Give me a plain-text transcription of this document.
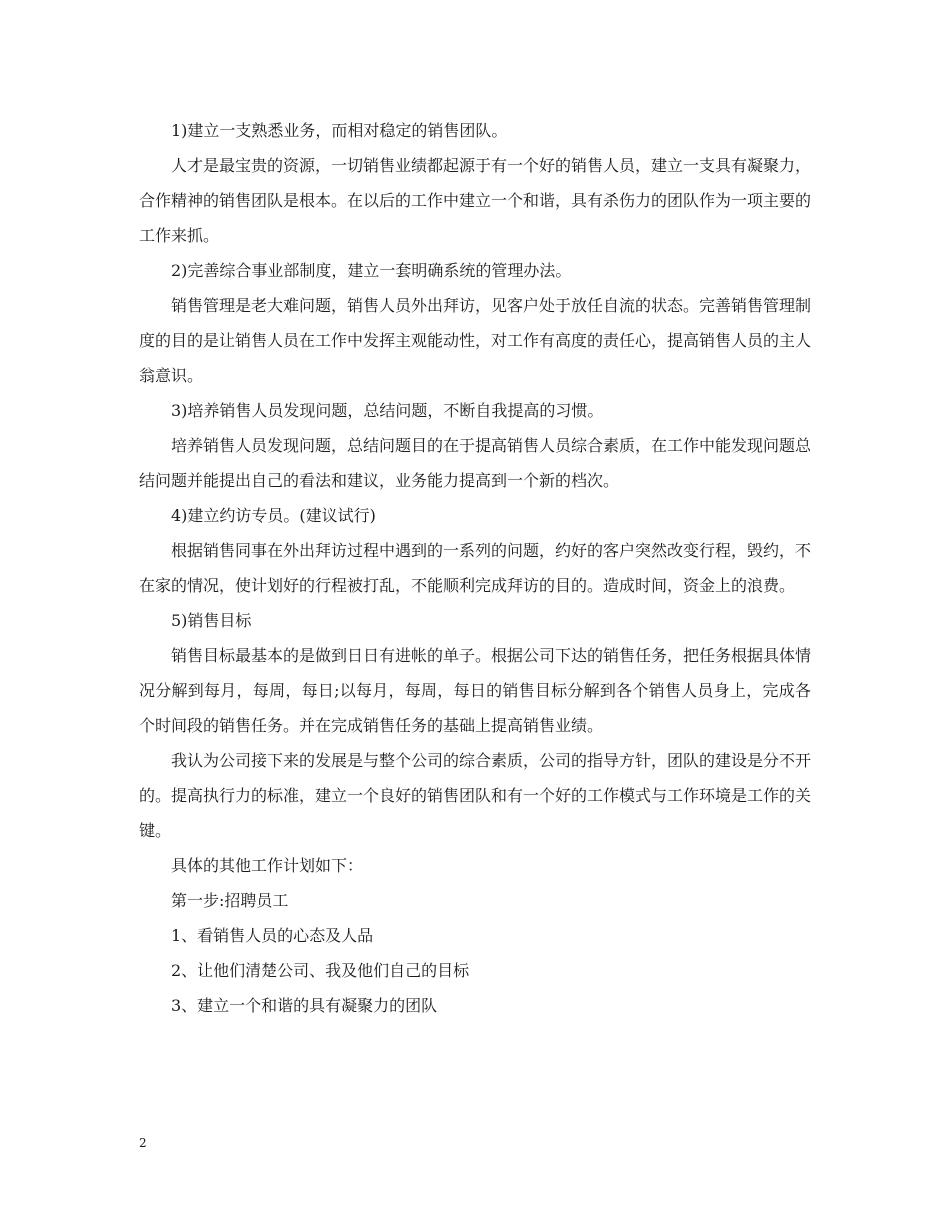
1)建立一支熟悉业务，而相对稳定的销售团队。

人才是最宝贵的资源，一切销售业绩都起源于有一个好的销售人员，建立一支具有凝聚力，合作精神的销售团队是根本。在以后的工作中建立一个和谐，具有杀伤力的团队作为一项主要的工作来抓。

2)完善综合事业部制度，建立一套明确系统的管理办法。

销售管理是老大难问题，销售人员外出拜访，见客户处于放任自流的状态。完善销售管理制度的目的是让销售人员在工作中发挥主观能动性，对工作有高度的责任心，提高销售人员的主人翁意识。

3)培养销售人员发现问题，总结问题，不断自我提高的习惯。

培养销售人员发现问题，总结问题目的在于提高销售人员综合素质，在工作中能发现问题总结问题并能提出自己的看法和建议，业务能力提高到一个新的档次。

4)建立约访专员。(建议试行)

根据销售同事在外出拜访过程中遇到的一系列的问题，约好的客户突然改变行程，毁约，不在家的情况，使计划好的行程被打乱，不能顺利完成拜访的目的。造成时间，资金上的浪费。

5)销售目标

销售目标最基本的是做到日日有进帐的单子。根据公司下达的销售任务，把任务根据具体情况分解到每月，每周，每日;以每月，每周，每日的销售目标分解到各个销售人员身上，完成各个时间段的销售任务。并在完成销售任务的基础上提高销售业绩。

我认为公司接下来的发展是与整个公司的综合素质，公司的指导方针，团队的建设是分不开的。提高执行力的标准，建立一个良好的销售团队和有一个好的工作模式与工作环境是工作的关键。

具体的其他工作计划如下：

第一步:招聘员工

1、看销售人员的心态及人品

2、让他们清楚公司、我及他们自己的目标

3、建立一个和谐的具有凝聚力的团队

2
